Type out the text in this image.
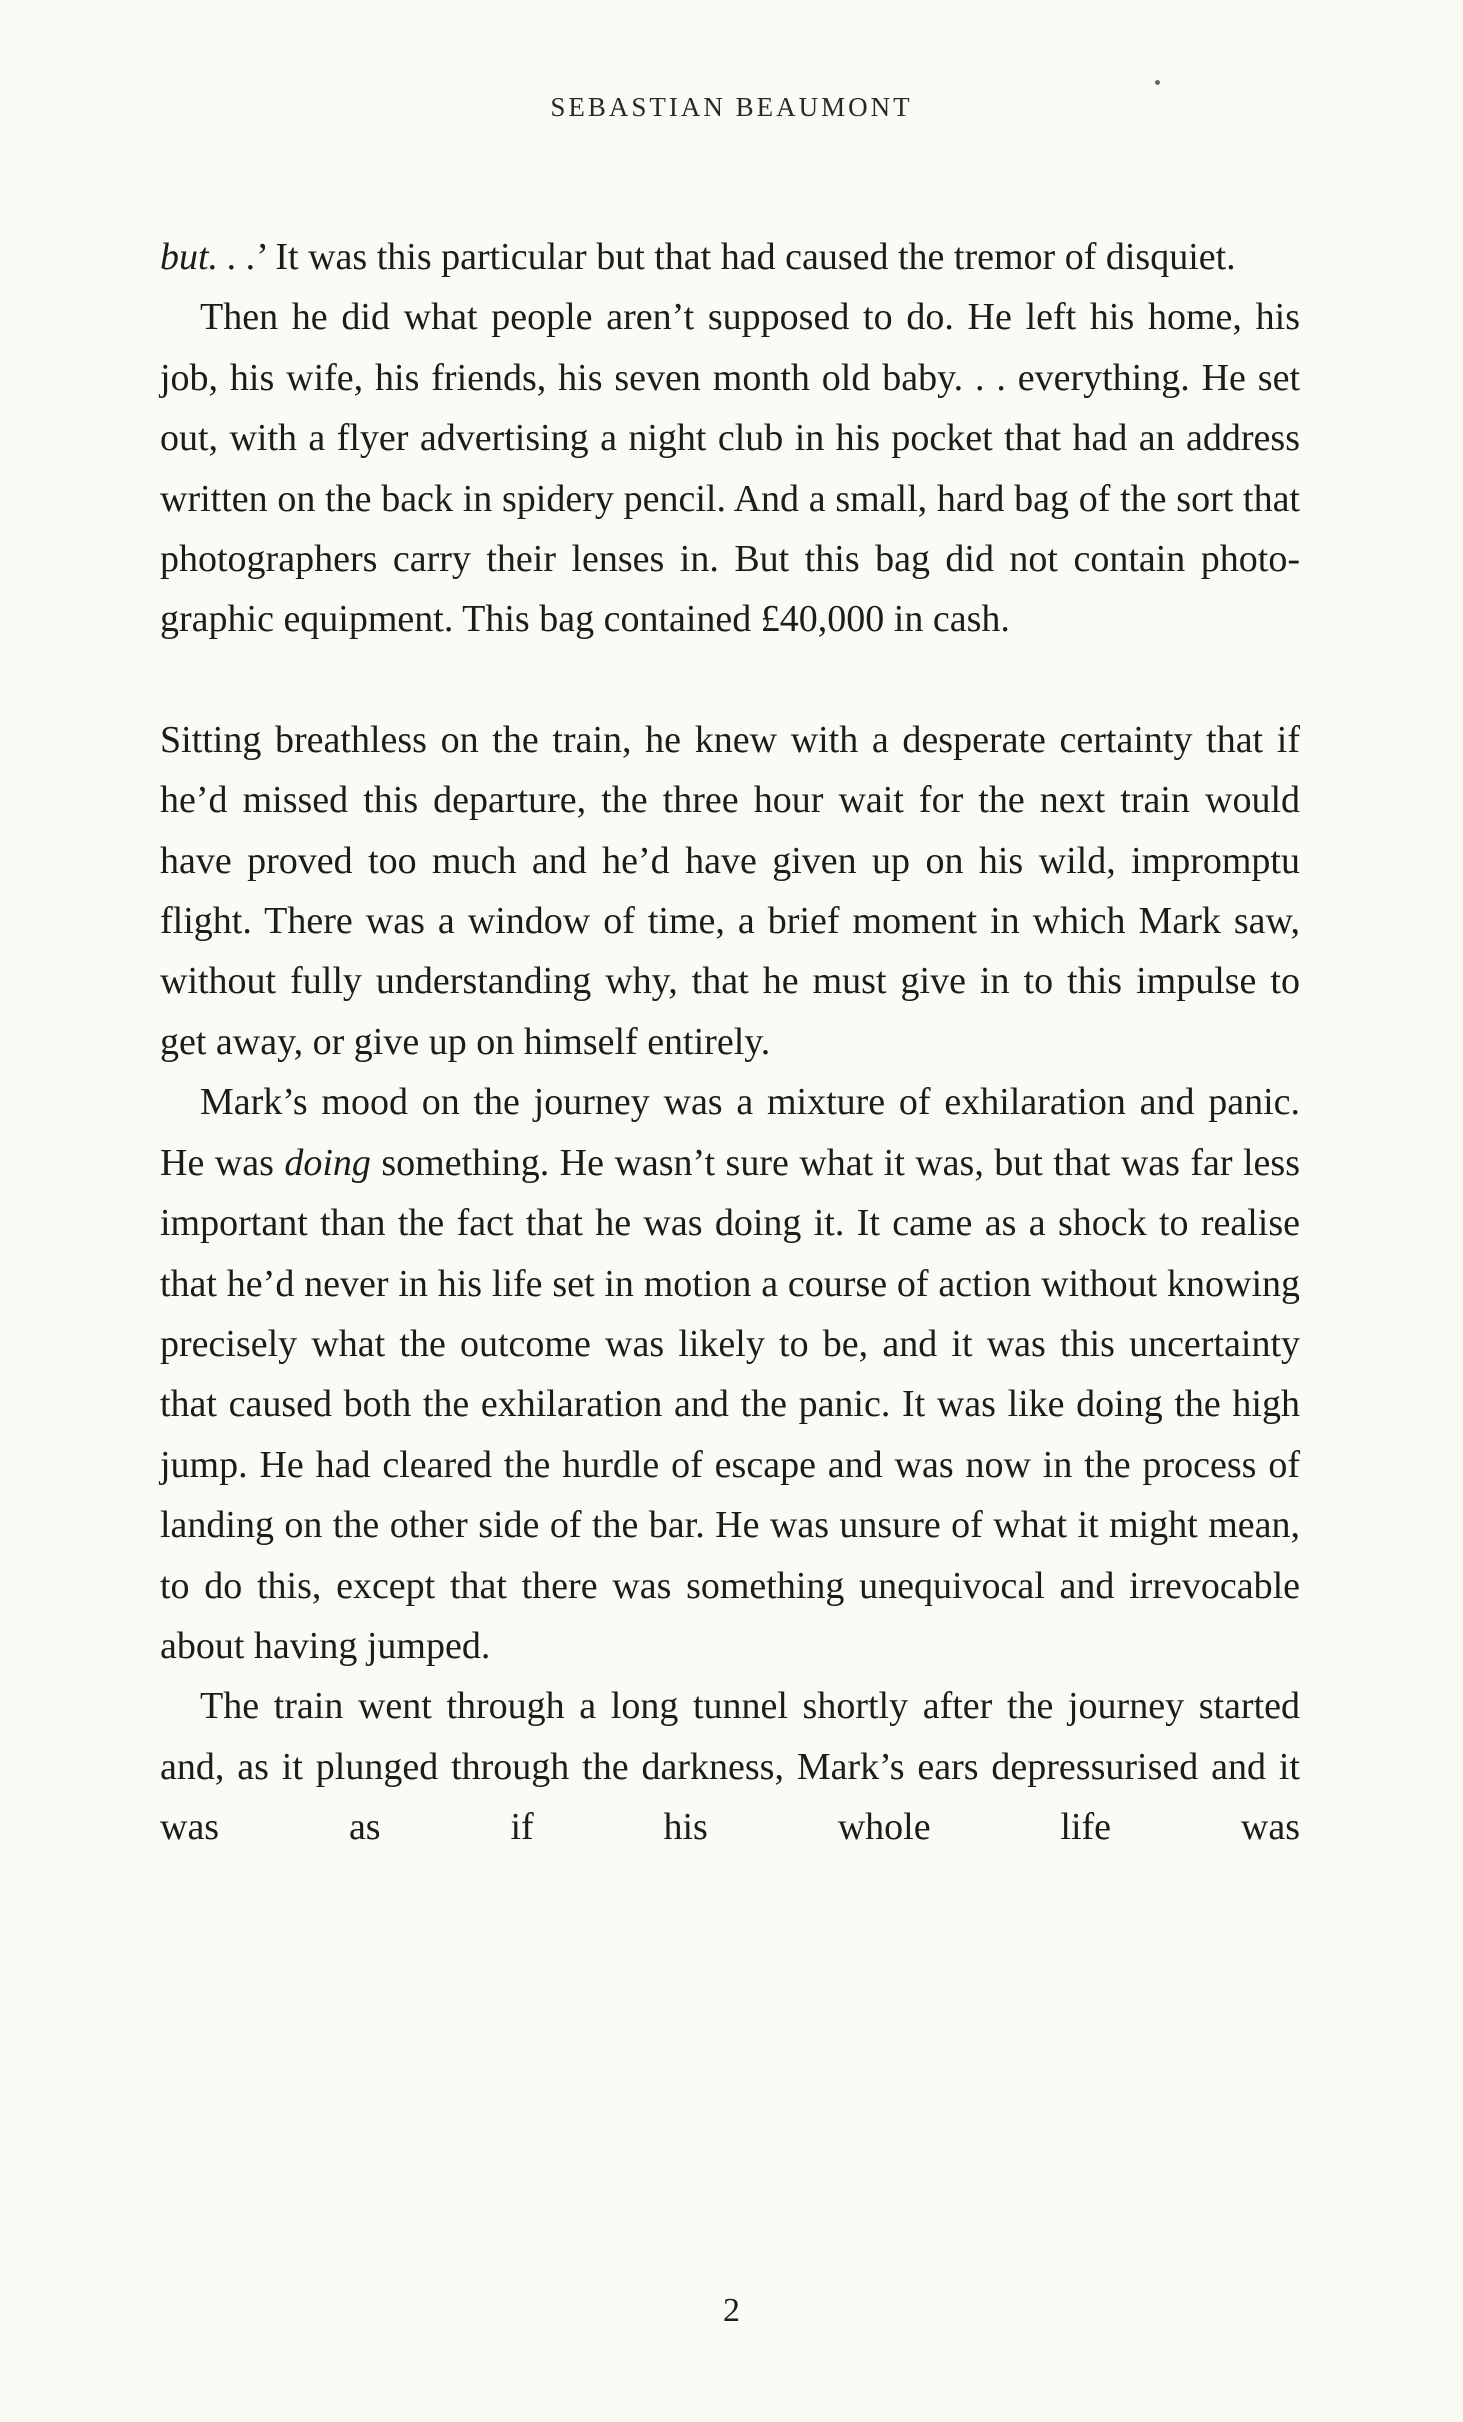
SEBASTIAN BEAUMONT

but. . .’ It was this particular but that had caused the tremor of disquiet.

Then he did what people aren’t supposed to do. He left his home, his job, his wife, his friends, his seven month old baby. . . everything. He set out, with a flyer advertising a night club in his pocket that had an address written on the back in spidery pencil. And a small, hard bag of the sort that photographers carry their lenses in. But this bag did not contain photo-graphic equipment. This bag contained £40,000 in cash.

Sitting breathless on the train, he knew with a desperate certainty that if he’d missed this departure, the three hour wait for the next train would have proved too much and he’d have given up on his wild, impromptu flight. There was a window of time, a brief moment in which Mark saw, without fully understanding why, that he must give in to this impulse to get away, or give up on himself entirely.

Mark’s mood on the journey was a mixture of exhilaration and panic. He was doing something. He wasn’t sure what it was, but that was far less important than the fact that he was doing it. It came as a shock to realise that he’d never in his life set in motion a course of action without knowing precisely what the outcome was likely to be, and it was this uncertainty that caused both the exhilaration and the panic. It was like doing the high jump. He had cleared the hurdle of escape and was now in the process of landing on the other side of the bar. He was unsure of what it might mean, to do this, except that there was something unequivocal and irrevocable about having jumped.

The train went through a long tunnel shortly after the journey started and, as it plunged through the darkness, Mark’s ears depressurised and it was as if his whole life was

2
